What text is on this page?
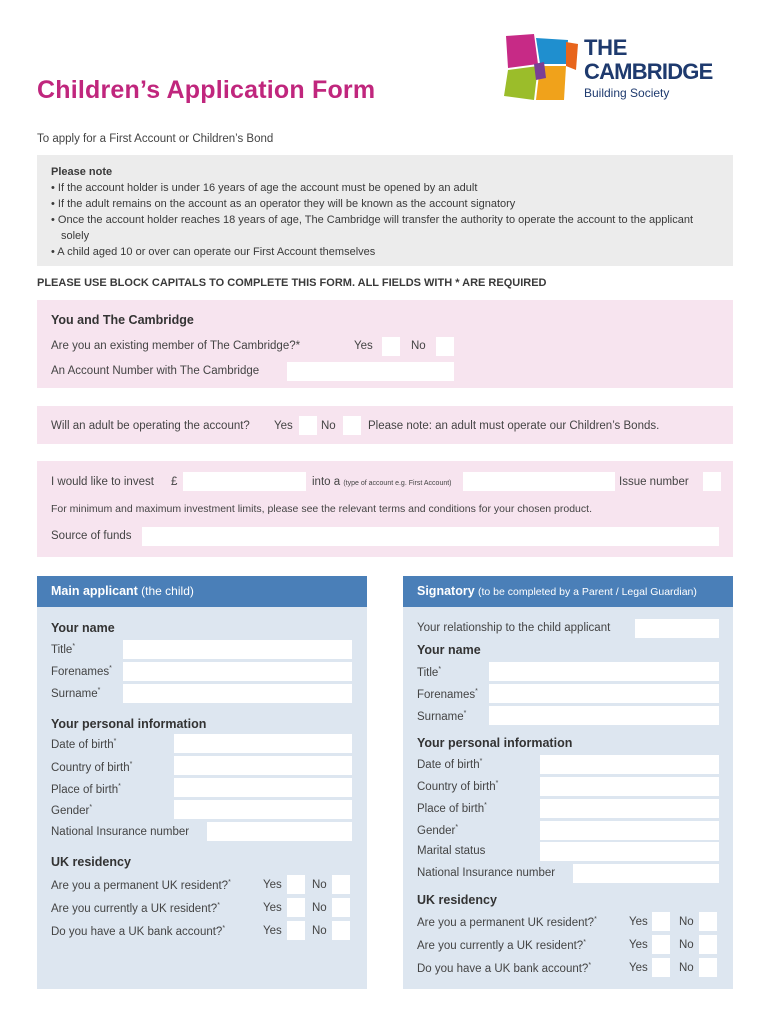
Children’s Application Form
THE
CAMBRIDGE
Building Society
To apply for a First Account or Children’s Bond
Please note
• If the account holder is under 16 years of age the account must be opened by an adult
• If the adult remains on the account as an operator they will be known as the account signatory
• Once the account holder reaches 18 years of age, The Cambridge will transfer the authority to operate the account to the applicant solely
• A child aged 10 or over can operate our First Account themselves
PLEASE USE BLOCK CAPITALS TO COMPLETE THIS FORM. ALL FIELDS WITH * ARE REQUIRED
You and The Cambridge
Are you an existing member of The Cambridge?*	Yes	No
An Account Number with The Cambridge
Will an adult be operating the account? Yes No	Please note: an adult must operate our Children’s Bonds.
I would like to invest £	into a (type of account e.g. First Account)	Issue number
For minimum and maximum investment limits, please see the relevant terms and conditions for your chosen product.
Source of funds
Main applicant (the child)
Your name
Title*
Forenames*
Surname*
Your personal information
Date of birth*
Country of birth*
Place of birth*
Gender*
National Insurance number
UK residency
Are you a permanent UK resident?*	Yes	No
Are you currently a UK resident?*	Yes	No
Do you have a UK bank account?*	Yes	No
Signatory (to be completed by a Parent / Legal Guardian)
Your relationship to the child applicant
Your name
Title*
Forenames*
Surname*
Your personal information
Date of birth*
Country of birth*
Place of birth*
Gender*
Marital status
National Insurance number
UK residency
Are you a permanent UK resident?*	Yes	No
Are you currently a UK resident?*	Yes	No
Do you have a UK bank account?*	Yes	No
